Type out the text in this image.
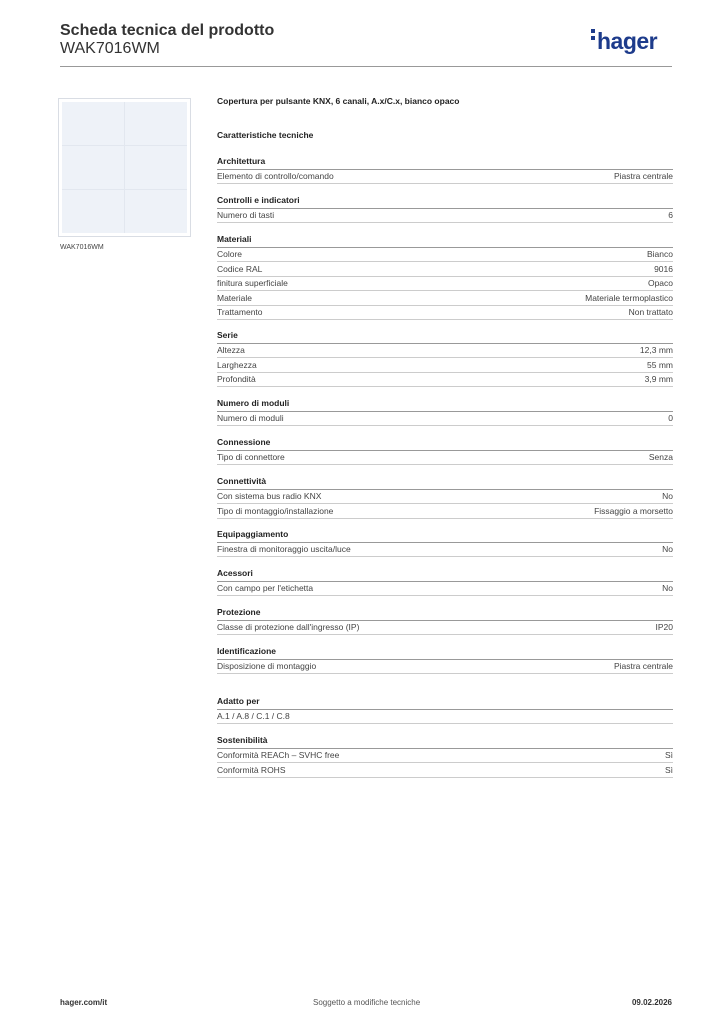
Scheda tecnica del prodotto
WAK7016WM	hager
WAK7016WM
Copertura per pulsante KNX, 6 canali, A.x/C.x, bianco opaco
Caratteristiche tecniche
Architettura
Elemento di controllo/comando	Piastra centrale
Controlli e indicatori
Numero di tasti	6
Materiali
Colore	Bianco
Codice RAL	9016
finitura superficiale	Opaco
Materiale	Materiale termoplastico
Trattamento	Non trattato
Serie
Altezza	12,3 mm
Larghezza	55 mm
Profondità	3,9 mm
Numero di moduli
Numero di moduli	0
Connessione
Tipo di connettore	Senza
Connettività
Con sistema bus radio KNX	No
Tipo di montaggio/installazione	Fissaggio a morsetto
Equipaggiamento
Finestra di monitoraggio uscita/luce	No
Acessori
Con campo per l'etichetta	No
Protezione
Classe di protezione dall'ingresso (IP)	IP20
Identificazione
Disposizione di montaggio	Piastra centrale
Adatto per
A.1 / A.8 / C.1 / C.8
Sostenibilità
Conformità REACh – SVHC free	Sì
Conformità ROHS	Sì
hager.com/it	Soggetto a modifiche tecniche	09.02.2026
